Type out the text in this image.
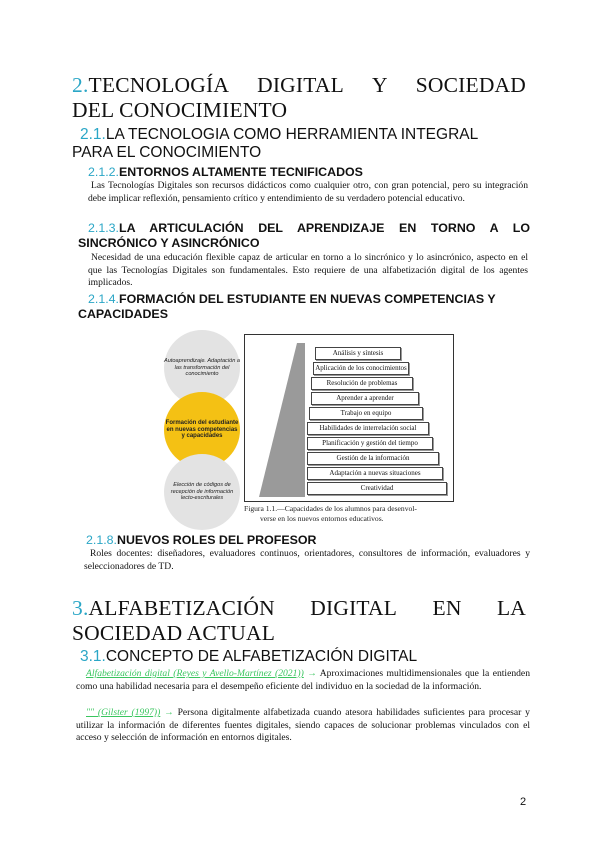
2.TECNOLOGÍA DIGITAL Y SOCIEDAD
DEL CONOCIMIENTO
2.1.LA TECNOLOGIA COMO HERRAMIENTA INTEGRAL
PARA EL CONOCIMIENTO
2.1.2.ENTORNOS ALTAMENTE TECNIFICADOS
Las Tecnologías Digitales son recursos didácticos como cualquier otro, con gran potencial, pero su integración debe implicar reflexión, pensamiento crítico y entendimiento de su verdadero potencial educativo.
2.1.3.LA ARTICULACIÓN DEL APRENDIZAJE EN TORNO A LO
SINCRÓNICO Y ASINCRÓNICO
Necesidad de una educación flexible capaz de articular en torno a lo sincrónico y lo asincrónico, aspecto en el que las Tecnologías Digitales son fundamentales. Esto requiere de una alfabetización digital de los agentes implicados.
2.1.4.FORMACIÓN DEL ESTUDIANTE EN NUEVAS COMPETENCIAS Y
CAPACIDADES
Autoaprendizaje. Adaptación a las transformación del conocimiento
Formación del estudiante en nuevas competencias y capacidades
Elección de códigos de recepción de información lecto-escriturales
Análisis y síntesis
Aplicación de los conocimientos
Resolución de problemas
Aprender a aprender
Trabajo en equipo
Habilidades de interrelación social
Planificación y gestión del tiempo
Gestión de la información
Adaptación a nuevas situaciones
Creatividad
Figura 1.1.—Capacidades de los alumnos para desenvol-
verse en los nuevos entornos educativos.
2.1.8.NUEVOS ROLES DEL PROFESOR
Roles docentes: diseñadores, evaluadores continuos, orientadores, consultores de información, evaluadores y seleccionadores de TD.
3.ALFABETIZACIÓN DIGITAL EN LA
SOCIEDAD ACTUAL
3.1.CONCEPTO DE ALFABETIZACIÓN DIGITAL
Alfabetización digital (Reyes y Avello-Martínez (2021)) → Aproximaciones multidimensionales que la entienden como una habilidad necesaria para el desempeño eficiente del individuo en la sociedad de la información.
"" (Gilster (1997)) → Persona digitalmente alfabetizada cuando atesora habilidades suficientes para procesar y utilizar la información de diferentes fuentes digitales, siendo capaces de solucionar problemas vinculados con el acceso y selección de información en entornos digitales.
2
